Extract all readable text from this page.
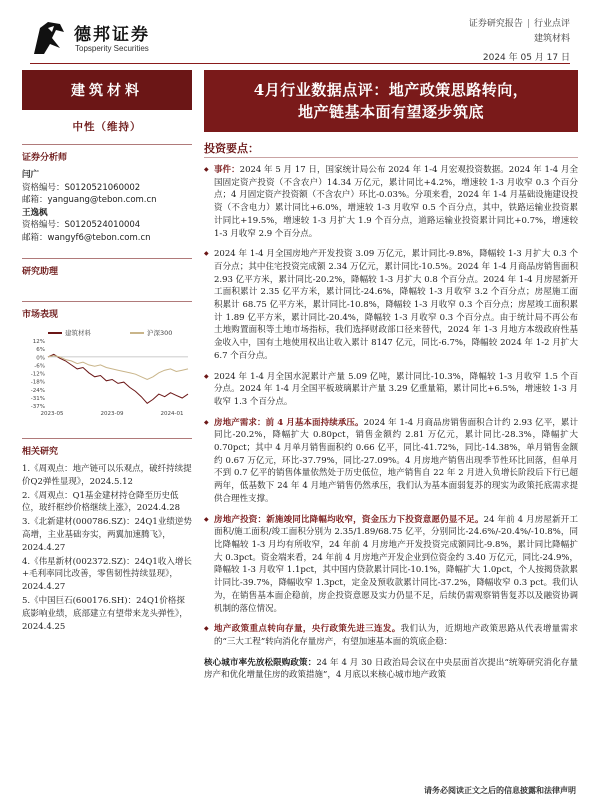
德邦证券
Topsperity Securities
证券研究报告 | 行业点评
建筑材料
2024 年 05 月 17 日
建筑材料
中性（维持）
证券分析师
闫广
资格编号：S0120521060002
邮箱：yanguang@tebon.com.cn
王逸枫
资格编号：S0120524010004
邮箱：wangyf6@tebon.com.cn
研究助理
市场表现
建筑材料	沪深300
12%
6%
0%
-6%
-12%
-18%
-24%
-31%
-37%
2023-05	2023-09	2024-01
相关研究
1.《周观点：地产链可以乐观点，破纤持续提价Q2弹性显现》，2024.5.12
2.《周观点：Q1基金建材持仓降至历史低位，玻纤框纱价格继续上涨》，2024.4.28
3.《北新建材(000786.SZ)：24Q1业绩逆势高增，主业基础夯实，两翼加速腾飞》，2024.4.27
4.《伟星新材(002372.SZ)：24Q1收入增长+毛利率同比改善，零售韧性持续显现》，2024.4.27
5.《中国巨石(600176.SH)：24Q1价格探底影响业绩，底部建立有望带来龙头弹性》，2024.4.25
4月行业数据点评：地产政策思路转向，
地产链基本面有望逐步筑底
投资要点：
◆ 事件：2024 年 5 月 17 日，国家统计局公布 2024 年 1-4 月宏观投资数据。2024 年 1-4 月全国固定资产投资（不含农户）14.34 万亿元，累计同比+4.2%，增速较 1-3 月收窄 0.3 个百分点；4 月固定资产投资额（不含农户）环比-0.03%。分项来看，2024 年 1-4 月基础设施建设投资（不含电力）累计同比+6.0%，增速较 1-3 月收窄 0.5 个百分点，其中，铁路运输业投资累计同比+19.5%，增速较 1-3 月扩大 1.9 个百分点，道路运输业投资累计同比+0.7%，增速较 1-3 月收窄 2.9 个百分点。
◆ 2024 年 1-4 月全国房地产开发投资 3.09 万亿元，累计同比-9.8%，降幅较 1-3 月扩大 0.3 个百分点；其中住宅投资完成额 2.34 万亿元，累计同比-10.5%。2024 年 1-4 月商品房销售面积 2.93 亿平方米，累计同比-20.2%，降幅较 1-3 月扩大 0.8 个百分点。2024 年 1-4 月房屋新开工面积累计 2.35 亿平方米，累计同比-24.6%，降幅较 1-3 月收窄 3.2 个百分点；房屋施工面积累计 68.75 亿平方米，累计同比-10.8%，降幅较 1-3 月收窄 0.3 个百分点；房屋竣工面积累计 1.89 亿平方米，累计同比-20.4%，降幅较 1-3 月收窄 0.3 个百分点。由于统计局不再公布土地购置面积等土地市场指标，我们选择财政部口径来替代，2024 年 1-3 月地方本级政府性基金收入中，国有土地使用权出让收入累计 8147 亿元，同比-6.7%，降幅较 2024 年 1-2 月扩大 6.7 个百分点。
◆ 2024 年 1-4 月全国水泥累计产量 5.09 亿吨，累计同比-10.3%，降幅较 1-3 月收窄 1.5 个百分点。2024 年 1-4 月全国平板玻璃累计产量 3.29 亿重量箱，累计同比+6.5%，增速较 1-3 月收窄 1.3 个百分点。
◆ 房地产需求：前 4 月基本面持续承压。2024 年 1-4 月商品房销售面积合计约 2.93 亿平，累计同比-20.2%，降幅扩大 0.80pct，销售金额约 2.81 万亿元，累计同比-28.3%，降幅扩大 0.70pct；其中 4 月单月销售面积约 0.66 亿平，同比-41.72%，同比-14.38%，单月销售金额约 0.67 万亿元，环比-37.79%，同比-27.09%。4 月房地产销售出现季节性环比回落，但单月不到 0.7 亿平的销售体量依然处于历史低位，地产销售自 22 年 2 月进入负增长阶段后下行已超两年，低基数下 24 年 4 月地产销售仍然承压，我们认为基本面弱复苏的现实为政策托底需求提供合理性支撑。
◆ 房地产投资：新施竣同比降幅均收窄，资金压力下投资意愿仍显不足。24 年前 4 月房屋新开工面积/施工面积/竣工面积分别为 2.35/1.89/68.75 亿平，分别同比-24.6%/-20.4%/-10.8%，同比降幅较 1-3 月均有所收窄，24 年前 4 月房地产开发投资完成额同比-9.8%，累计同比降幅扩大 0.3pct。资金端来看，24 年前 4 月房地产开发企业到位资金约 3.40 万亿元，同比-24.9%，降幅较 1-3 月收窄 1.1pct，其中国内贷款累计同比-10.1%，降幅扩大 1.0pct，个人按揭贷款累计同比-39.7%，降幅收窄 1.3pct，定金及预收款累计同比-37.2%，降幅收窄 0.3 pct。我们认为，在销售基本面企稳前，房企投资意愿及实力仍显不足，后续仍需观察销售复苏以及融资协调机制的落位情况。
◆ 地产政策重点转向存量，央行政策先进三连发。我们认为，近期地产政策思路从代表增量需求的“三大工程”转向消化存量房产，有望加速基本面的筑底企稳：
核心城市率先放松限购政策：24 年 4 月 30 日政治局会议在中央层面首次提出“统筹研究消化存量房产和优化增量住房的政策措施”，4 月底以来核心城市地产政策
请务必阅读正文之后的信息披露和法律声明
